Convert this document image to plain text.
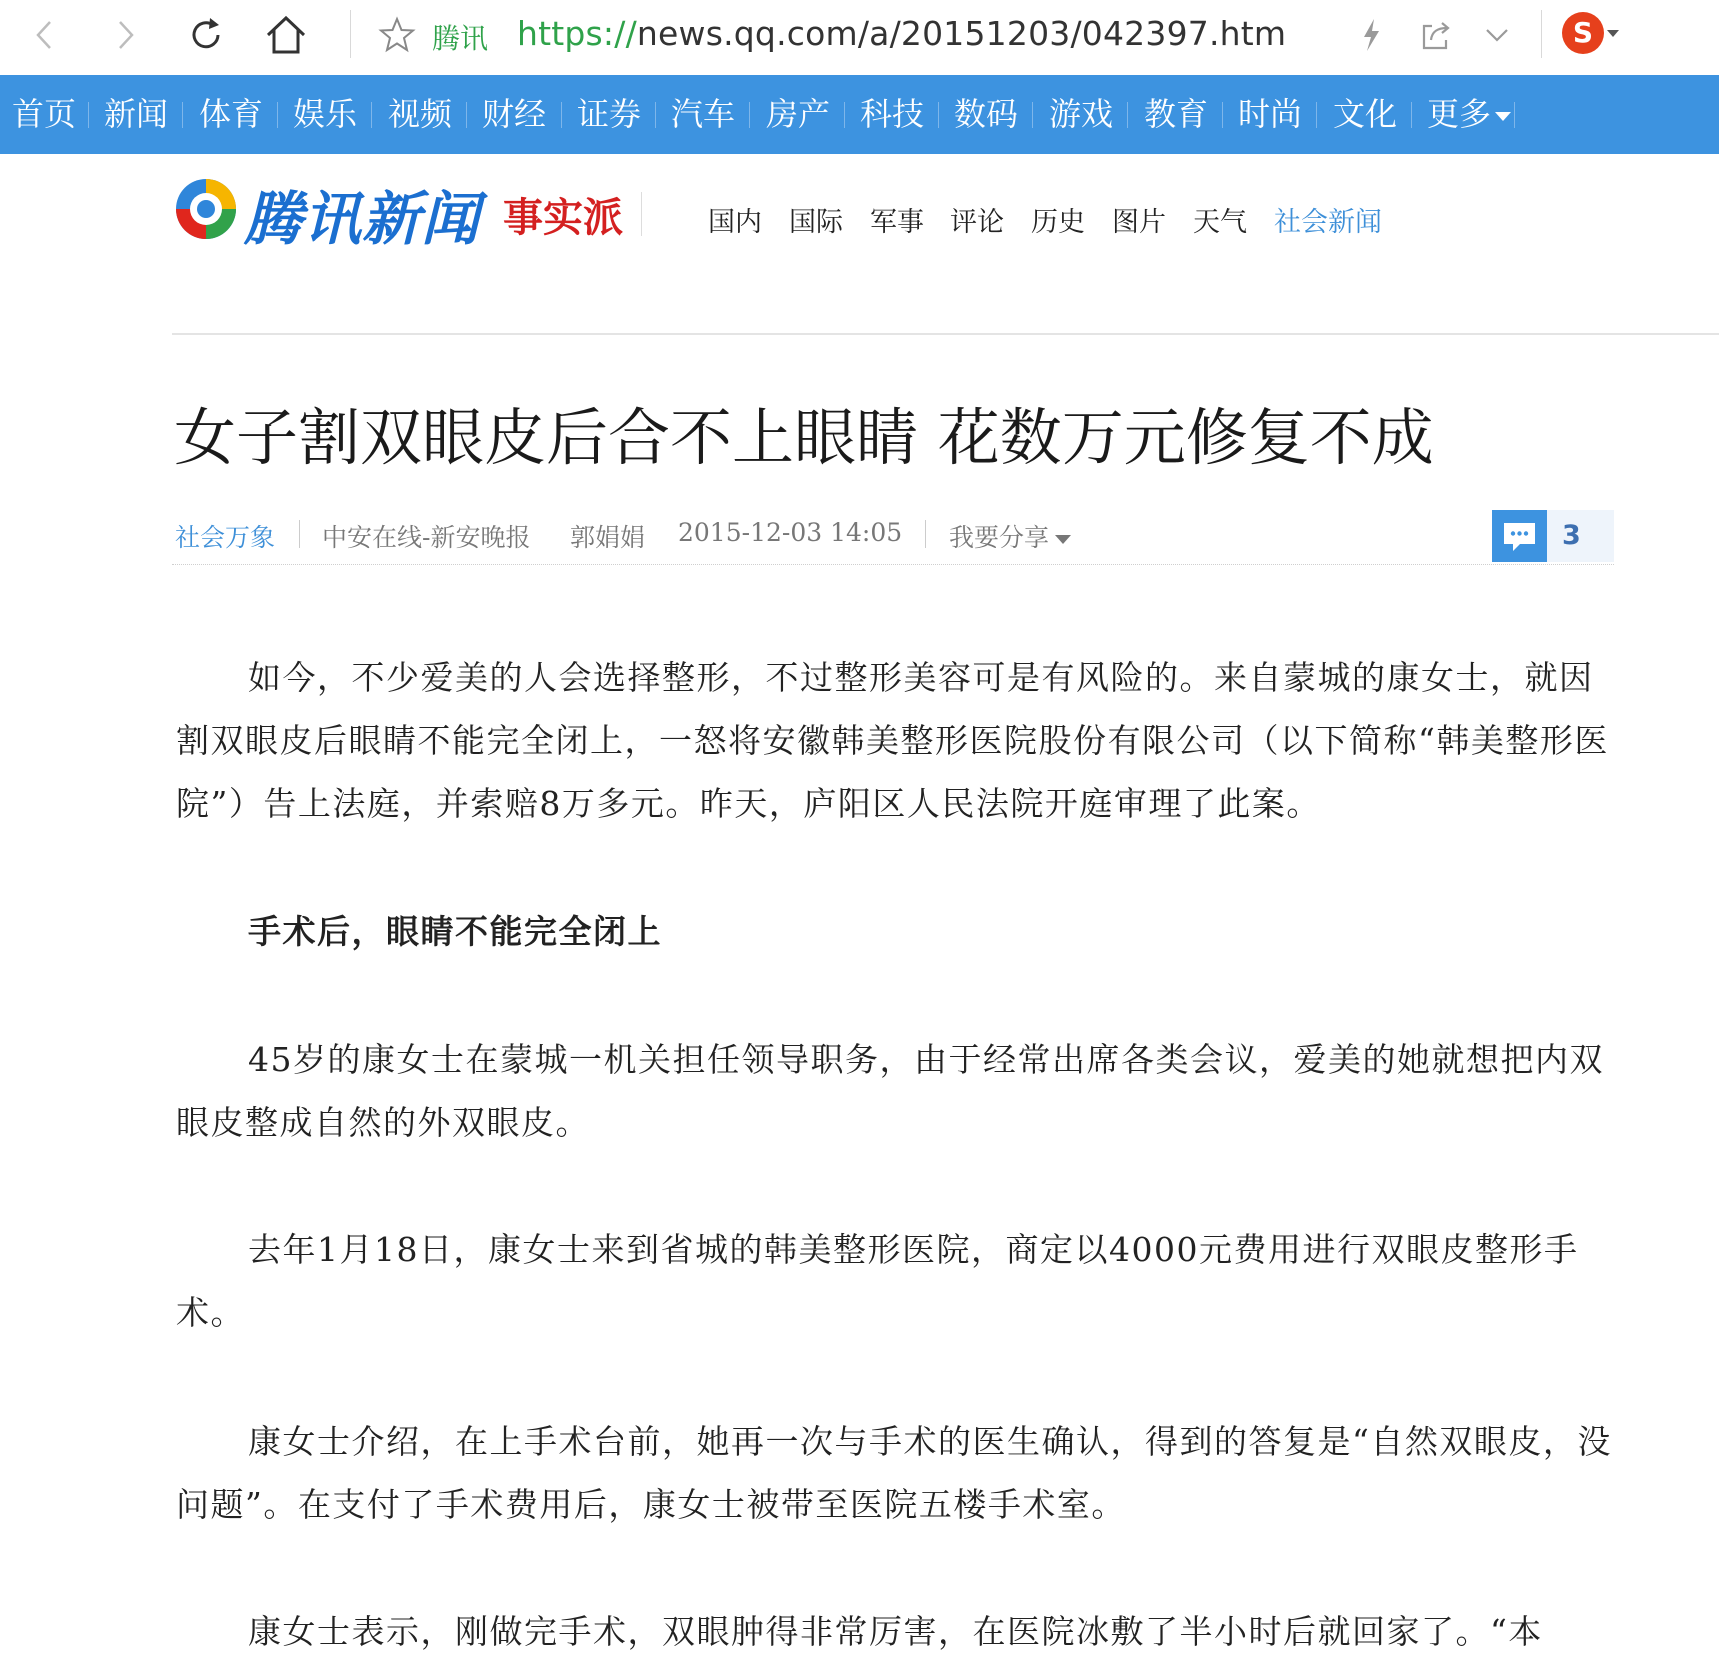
腾讯 https://news.qq.com/a/20151203/042397.htm	S
首页 新闻 体育 娱乐 视频 财经 证券 汽车 房产 科技 数码 游戏 教育 时尚 文化 更多
腾讯新闻 事实派	国内 国际 军事 评论 历史 图片 天气 社会新闻
女子割双眼皮后合不上眼睛 花数万元修复不成
社会万象 中安在线-新安晚报 郭娟娟 2015-12-03 14:05 我要分享	3

如今，不少爱美的人会选择整形，不过整形美容可是有风险的。来自蒙城的康女士，就因割双眼皮后眼睛不能完全闭上，一怒将安徽韩美整形医院股份有限公司（以下简称“韩美整形医院”）告上法庭，并索赔8万多元。昨天，庐阳区人民法院开庭审理了此案。

手术后，眼睛不能完全闭上

45岁的康女士在蒙城一机关担任领导职务，由于经常出席各类会议，爱美的她就想把内双眼皮整成自然的外双眼皮。

去年1月18日，康女士来到省城的韩美整形医院，商定以4000元费用进行双眼皮整形手术。

康女士介绍，在上手术台前，她再一次与手术的医生确认，得到的答复是“自然双眼皮，没问题”。在支付了手术费用后，康女士被带至医院五楼手术室。

康女士表示，刚做完手术，双眼肿得非常厉害，在医院冰敷了半小时后就回家了。“本
